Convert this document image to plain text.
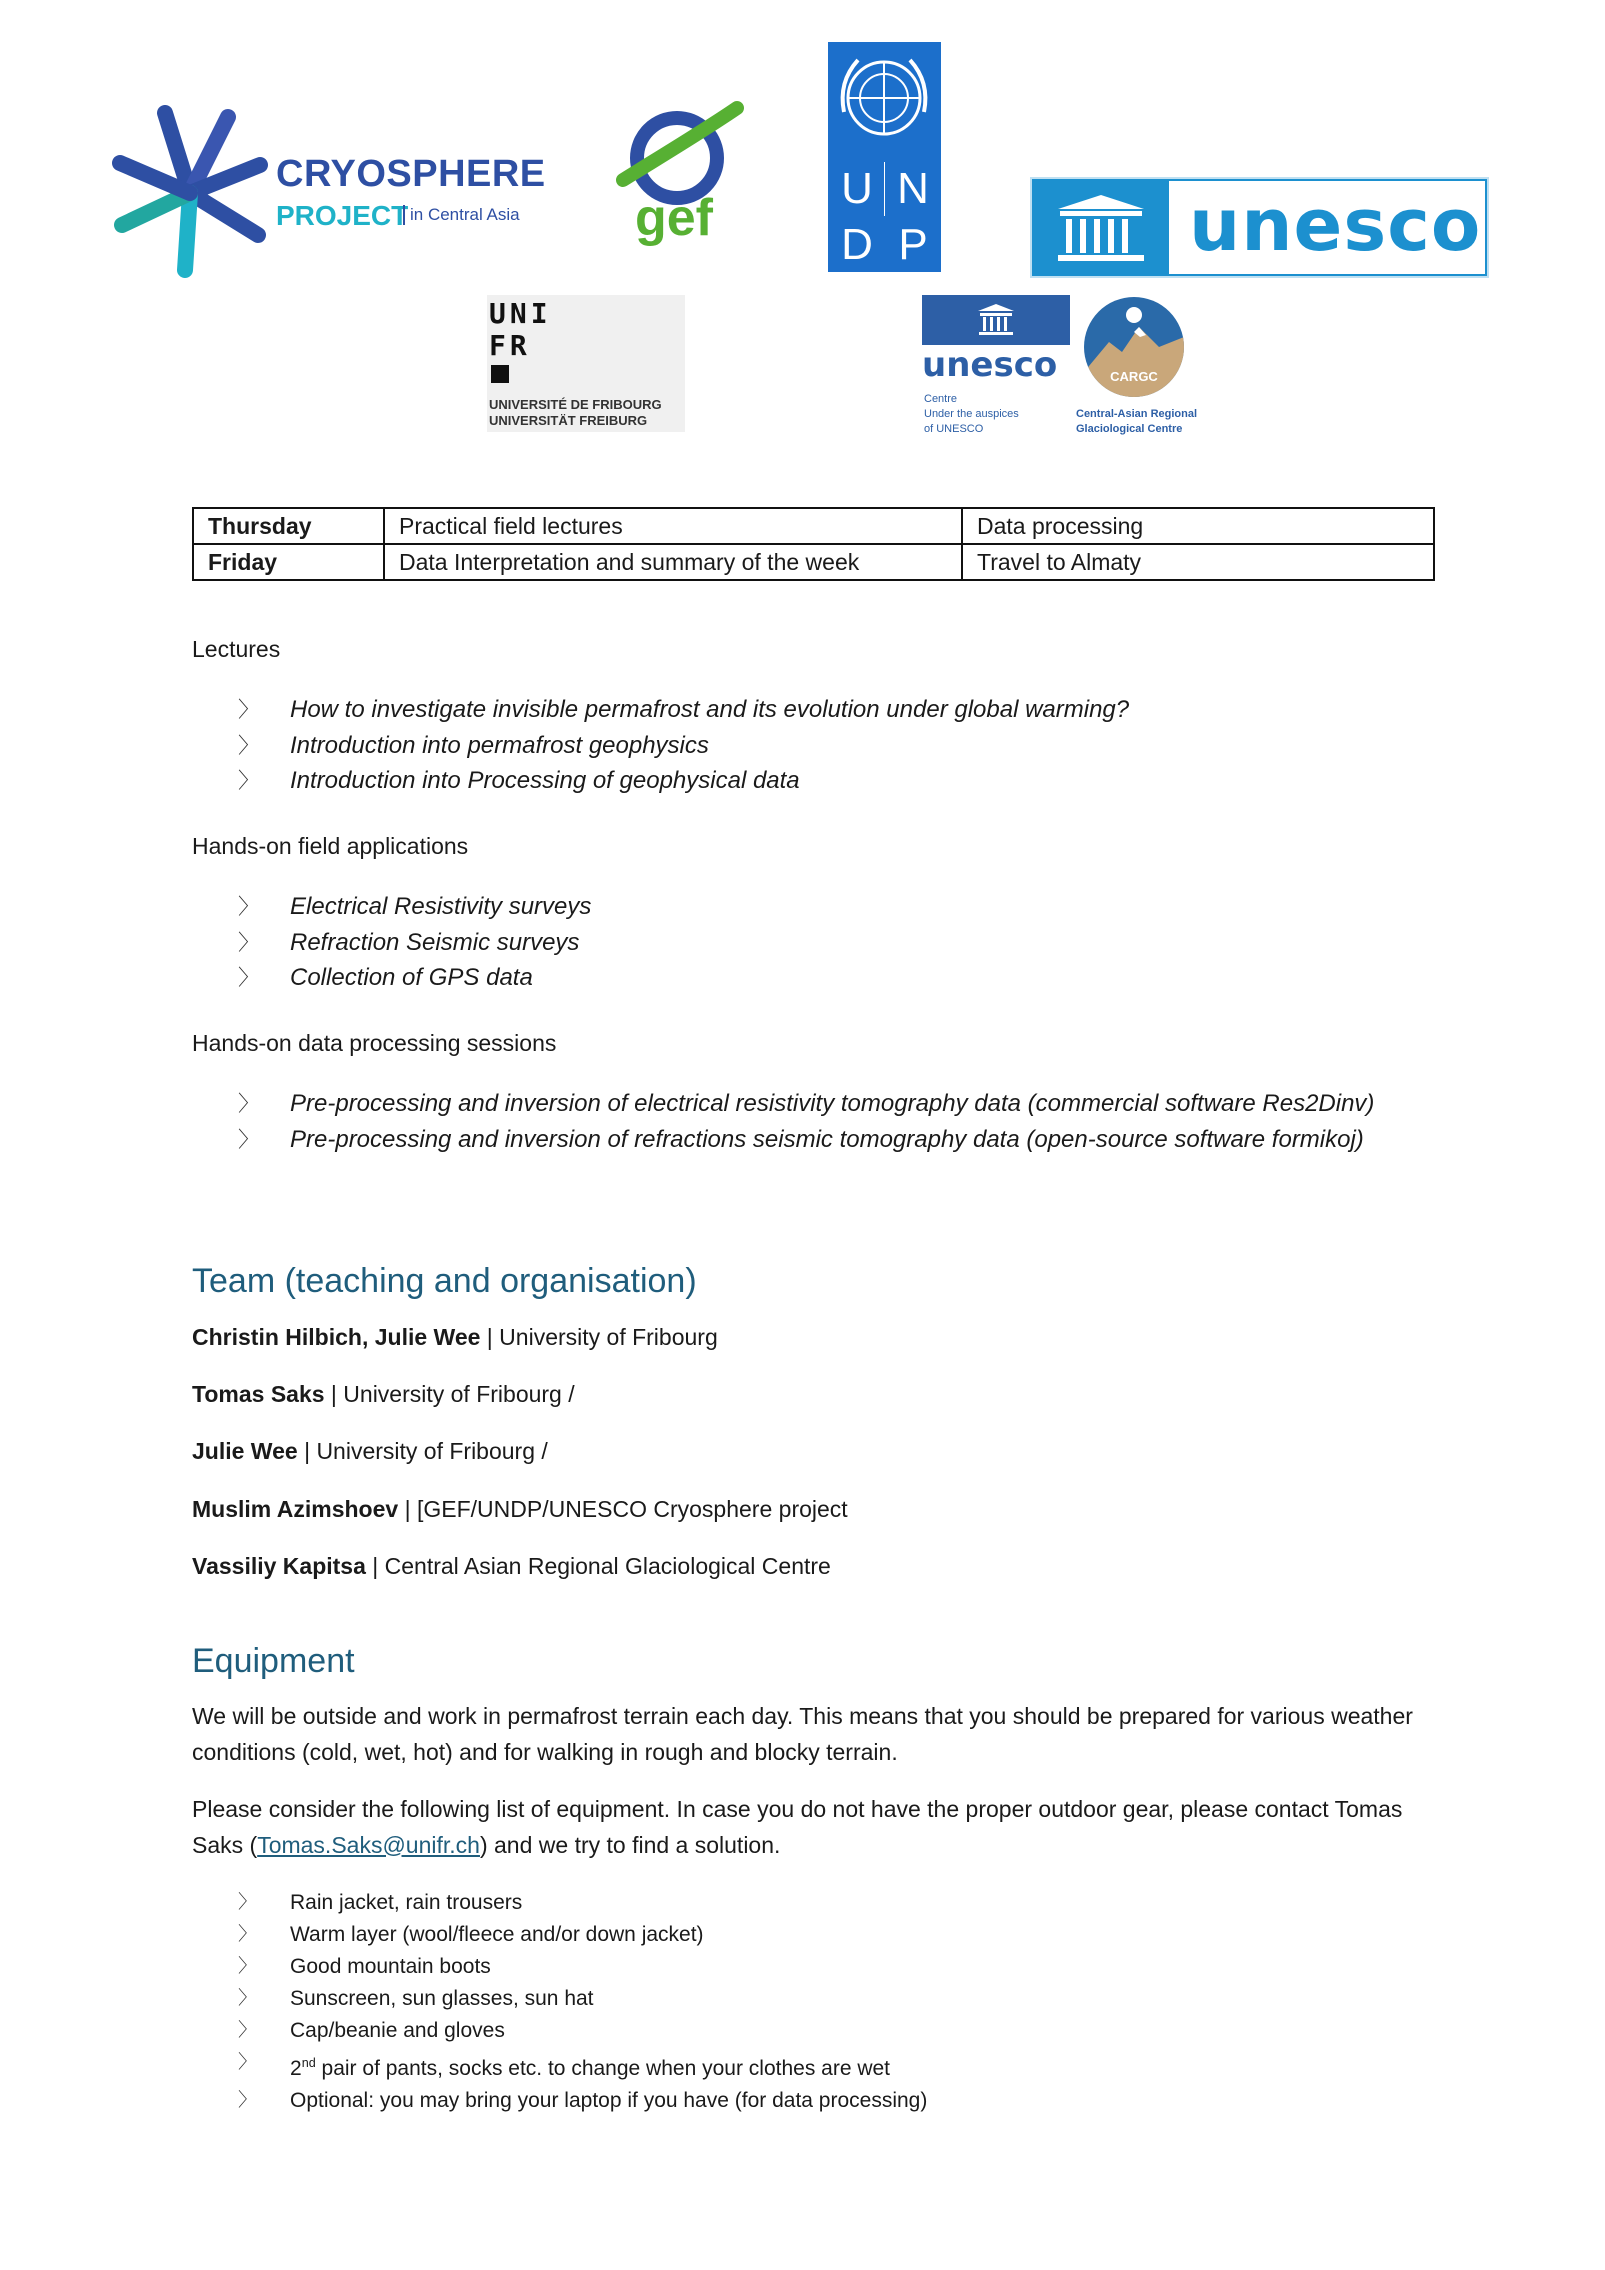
CRYOSPHERE
PROJECT in Central Asia gef
U N
D P	unesco
UNI
FR
UNIVERSITÉ DE FRIBOURG
UNIVERSITÄT FREIBURG
unesco
Centre
Under the auspices
of UNESCO
CARGC
Central-Asian Regional
Glaciological Centre
Thursday	Practical field lectures	Data processing
Friday	Data Interpretation and summary of the week	Travel to Almaty
Lectures
〉 How to investigate invisible permafrost and its evolution under global warming?
〉 Introduction into permafrost geophysics
〉 Introduction into Processing of geophysical data
Hands-on field applications
〉 Electrical Resistivity surveys
〉 Refraction Seismic surveys
〉 Collection of GPS data
Hands-on data processing sessions
〉 Pre-processing and inversion of electrical resistivity tomography data (commercial software Res2Dinv)
〉 Pre-processing and inversion of refractions seismic tomography data (open-source software formikoj)
Team (teaching and organisation)
Christin Hilbich, Julie Wee | University of Fribourg
Tomas Saks | University of Fribourg /
Julie Wee | University of Fribourg /
Muslim Azimshoev | [GEF/UNDP/UNESCO Cryosphere project
Vassiliy Kapitsa | Central Asian Regional Glaciological Centre
Equipment
We will be outside and work in permafrost terrain each day. This means that you should be prepared for various weather conditions (cold, wet, hot) and for walking in rough and blocky terrain.
Please consider the following list of equipment. In case you do not have the proper outdoor gear, please contact Tomas Saks (Tomas.Saks@unifr.ch) and we try to find a solution.
〉 Rain jacket, rain trousers
〉 Warm layer (wool/fleece and/or down jacket)
〉 Good mountain boots
〉 Sunscreen, sun glasses, sun hat
〉 Cap/beanie and gloves
〉 2nd pair of pants, socks etc. to change when your clothes are wet
〉 Optional: you may bring your laptop if you have (for data processing)
